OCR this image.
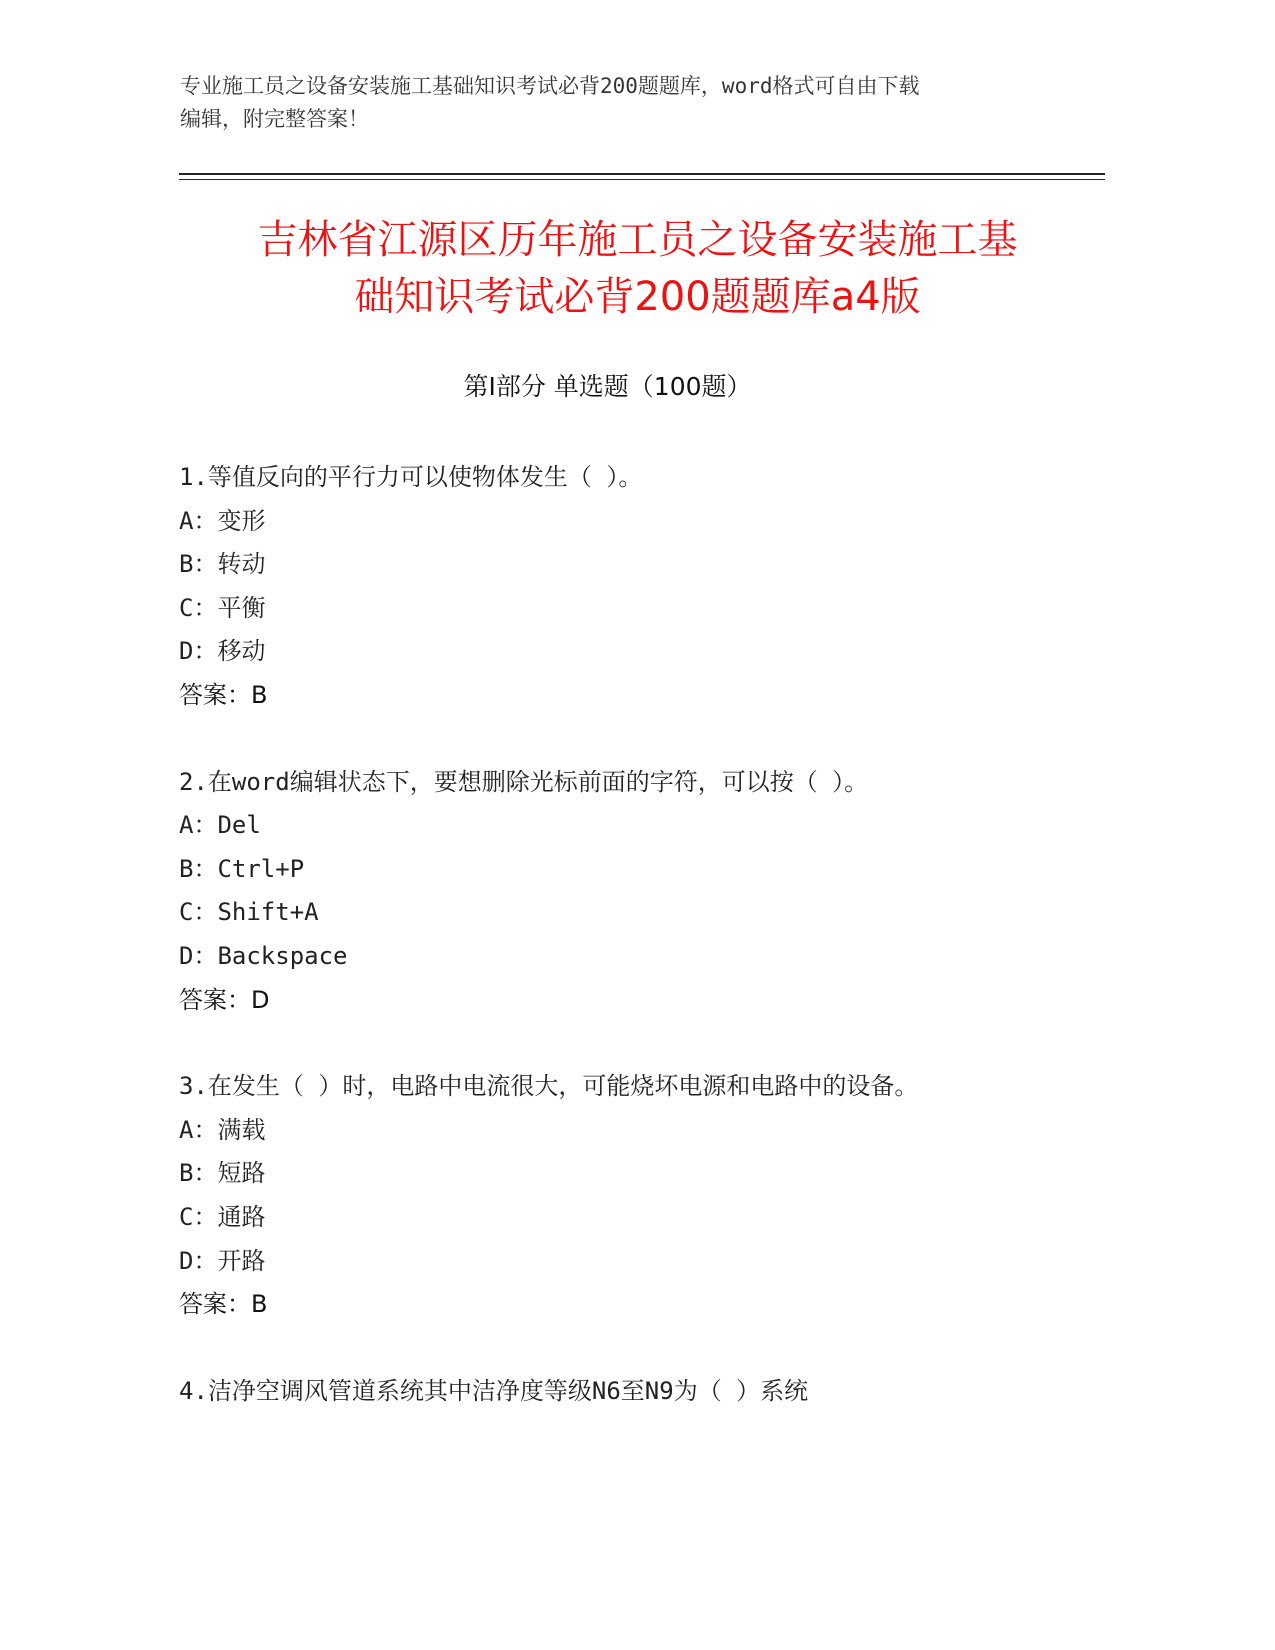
专业施工员之设备安装施工基础知识考试必背200题题库，word格式可自由下载
编辑，附完整答案！
吉林省江源区历年施工员之设备安装施工基
础知识考试必背200题题库a4版
第Ⅰ部分 单选题（100题）
1.等值反向的平行力可以使物体发生（ ）。
A：变形
B：转动
C：平衡
D：移动
答案：B
2.在word编辑状态下，要想删除光标前面的字符，可以按（ ）。
A：Del
B：Ctrl+P
C：Shift+A
D：Backspace
答案：D
3.在发生（ ）时，电路中电流很大，可能烧坏电源和电路中的设备。
A：满载
B：短路
C：通路
D：开路
答案：B
4.洁净空调风管道系统其中洁净度等级N6至N9为（ ）系统
